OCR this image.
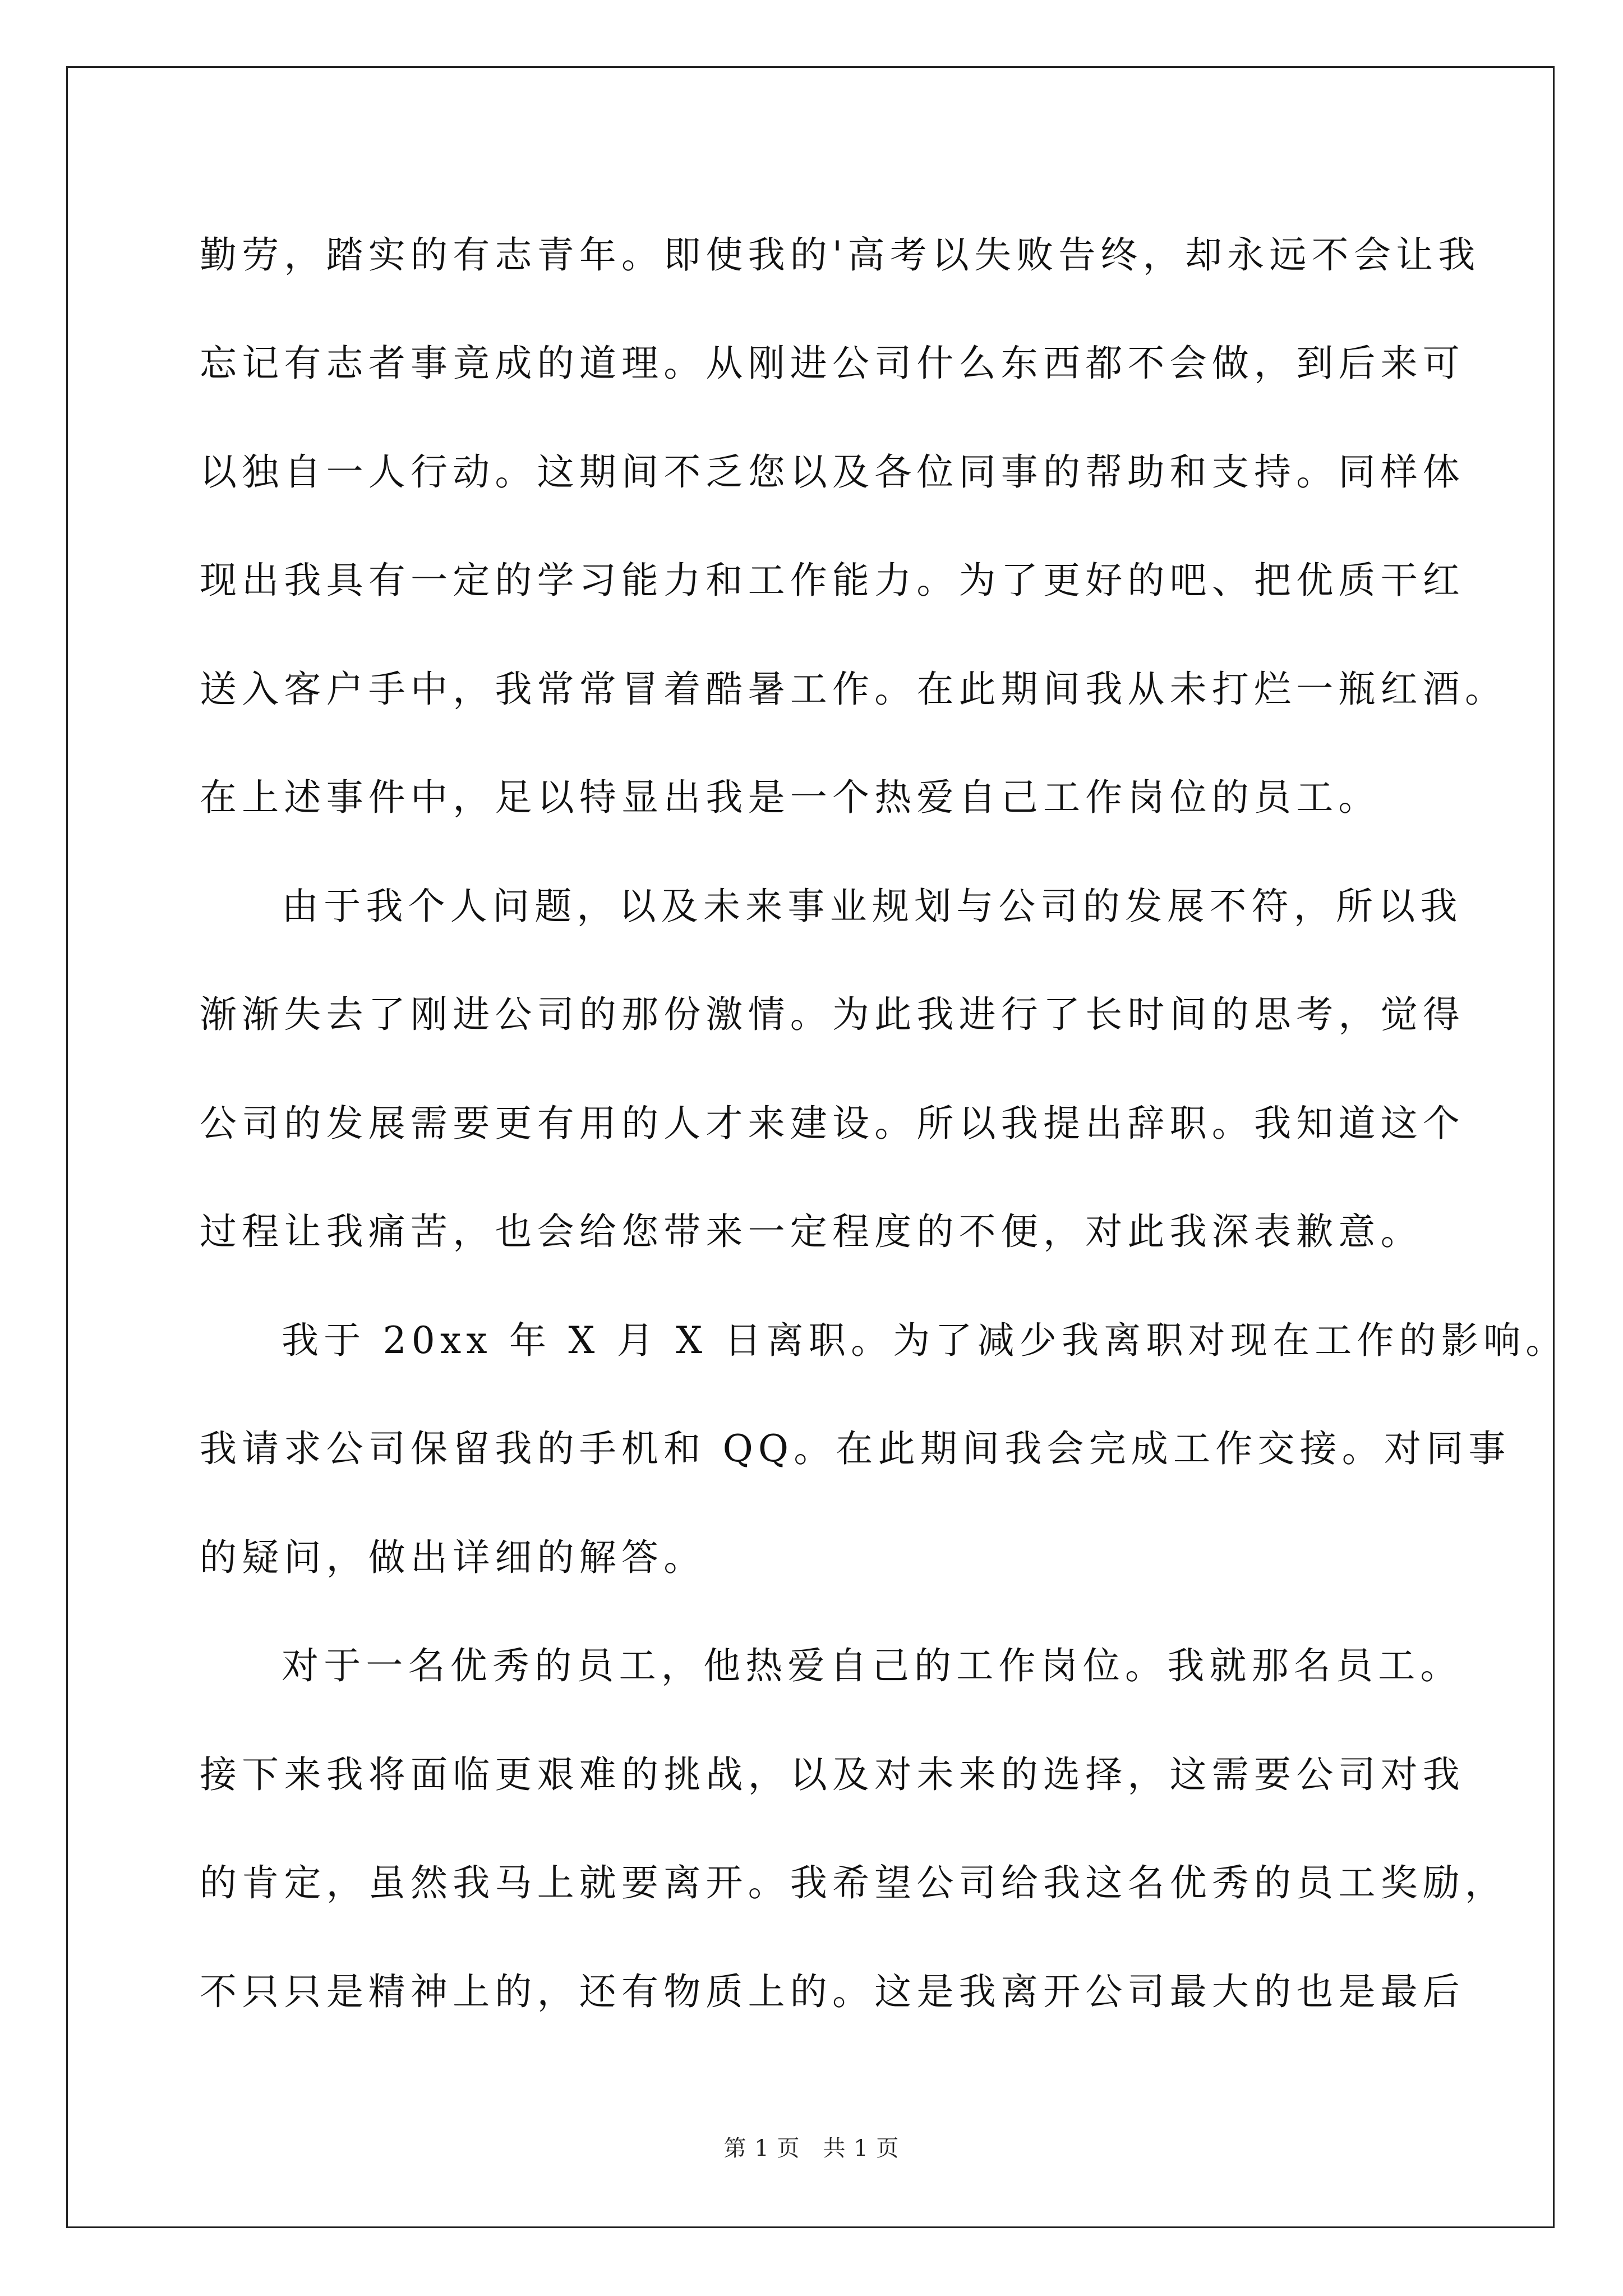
勤劳，踏实的有志青年。即使我的'高考以失败告终，却永远不会让我
忘记有志者事竟成的道理。从刚进公司什么东西都不会做，到后来可
以独自一人行动。这期间不乏您以及各位同事的帮助和支持。同样体
现出我具有一定的学习能力和工作能力。为了更好的吧、把优质干红
送入客户手中，我常常冒着酷暑工作。在此期间我从未打烂一瓶红酒。
在上述事件中，足以特显出我是一个热爱自己工作岗位的员工。
由于我个人问题，以及未来事业规划与公司的发展不符，所以我
渐渐失去了刚进公司的那份激情。为此我进行了长时间的思考，觉得
公司的发展需要更有用的人才来建设。所以我提出辞职。我知道这个
过程让我痛苦，也会给您带来一定程度的不便，对此我深表歉意。
我于 20xx 年 X 月 X 日离职。为了减少我离职对现在工作的影响。
我请求公司保留我的手机和 QQ。在此期间我会完成工作交接。对同事
的疑问，做出详细的解答。
对于一名优秀的员工，他热爱自己的工作岗位。我就那名员工。
接下来我将面临更艰难的挑战，以及对未来的选择，这需要公司对我
的肯定，虽然我马上就要离开。我希望公司给我这名优秀的员工奖励，
不只只是精神上的，还有物质上的。这是我离开公司最大的也是最后
第 1 页　共 1 页
